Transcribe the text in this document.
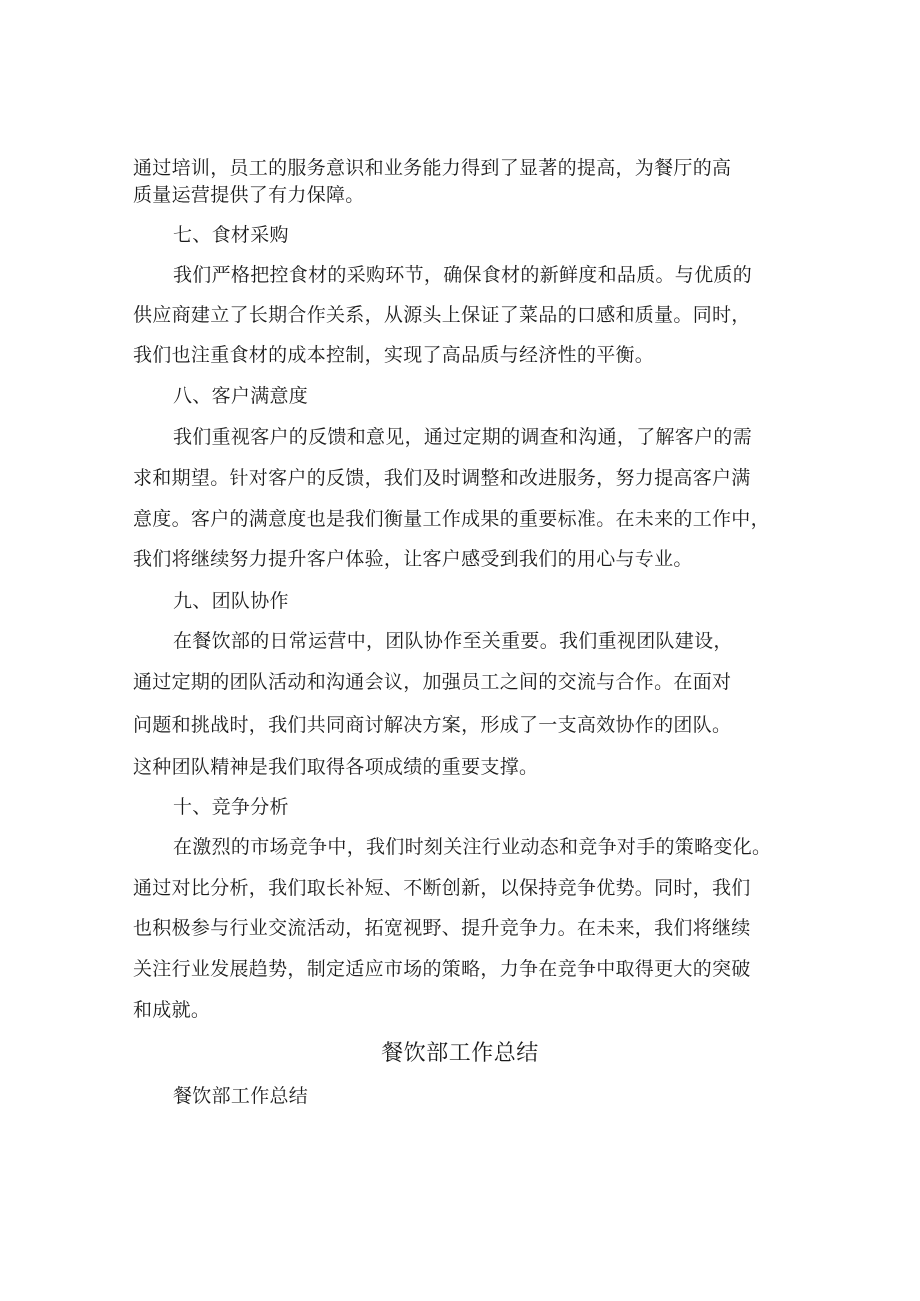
通过培训，员工的服务意识和业务能力得到了显著的提高，为餐厅的高
质量运营提供了有力保障。
七、食材采购
我们严格把控食材的采购环节，确保食材的新鲜度和品质。与优质的
供应商建立了长期合作关系，从源头上保证了菜品的口感和质量。同时，
我们也注重食材的成本控制，实现了高品质与经济性的平衡。
八、客户满意度
我们重视客户的反馈和意见，通过定期的调查和沟通，了解客户的需
求和期望。针对客户的反馈，我们及时调整和改进服务，努力提高客户满
意度。客户的满意度也是我们衡量工作成果的重要标准。在未来的工作中，
我们将继续努力提升客户体验，让客户感受到我们的用心与专业。
九、团队协作
在餐饮部的日常运营中，团队协作至关重要。我们重视团队建设，
通过定期的团队活动和沟通会议，加强员工之间的交流与合作。在面对
问题和挑战时，我们共同商讨解决方案，形成了一支高效协作的团队。
这种团队精神是我们取得各项成绩的重要支撑。
十、竞争分析
在激烈的市场竞争中，我们时刻关注行业动态和竞争对手的策略变化。
通过对比分析，我们取长补短、不断创新，以保持竞争优势。同时，我们
也积极参与行业交流活动，拓宽视野、提升竞争力。在未来，我们将继续
关注行业发展趋势，制定适应市场的策略，力争在竞争中取得更大的突破
和成就。
餐饮部工作总结
餐饮部工作总结
